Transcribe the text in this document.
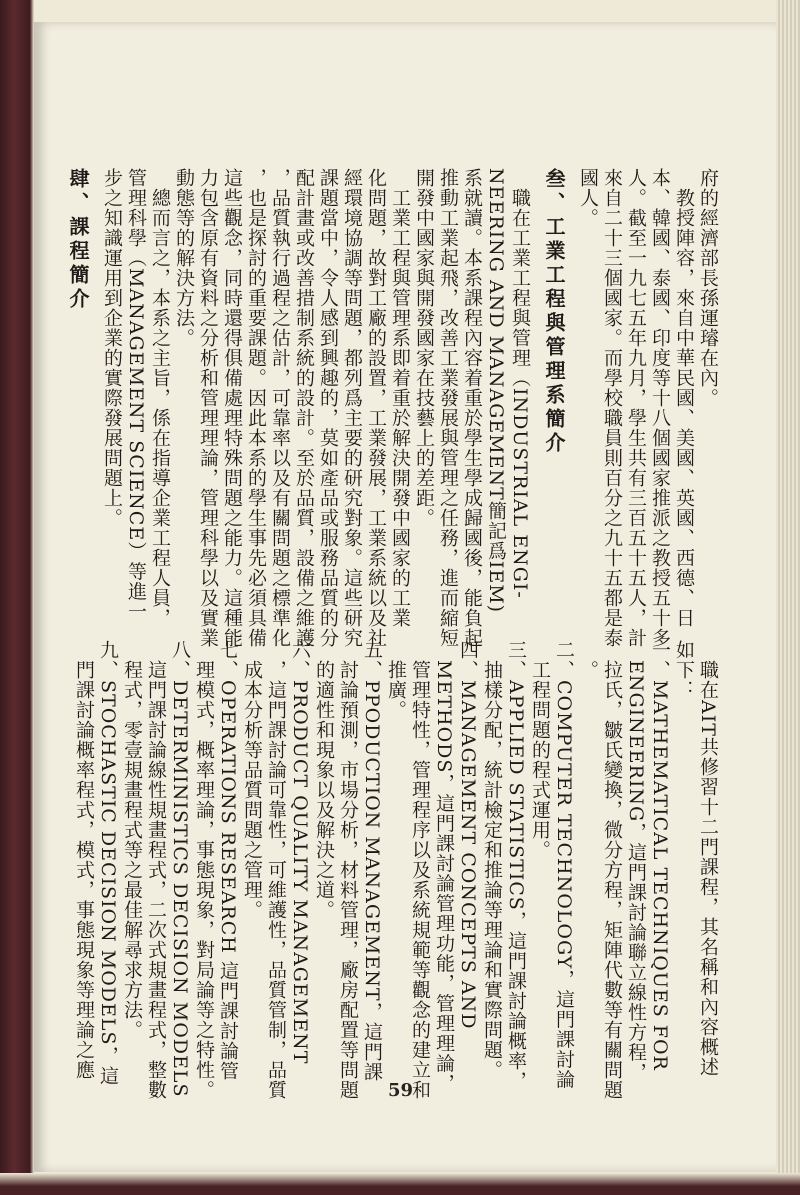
府的經濟部長孫運璿在內。
教授陣容，來自中華民國、美國、英國、西德、日
本、韓國、泰國、印度等十八個國家推派之教授五十多
人。截至一九七五年九月，學生共有三百五十五人，計
來自二十三個國家。而學校職員則百分之九十五都是泰
國人。
叁、工業工程與管理系簡介
職在工業工程與管理（INDUSTRIAL ENGI-
NEERING AND MANAGEMENT簡記爲IEM)
系就讀。本系課程內容着重於學生學成歸國後，能負起
推動工業起飛，改善工業發展與管理之任務，進而縮短
開發中國家與開發國家在技藝上的差距。
工業工程與管理系即着重於解決開發中國家的工業
化問題，故對工廠的設置，工業發展，工業系統以及社
經環境協調等問題，都列爲主要的研究對象。這些研究
課題當中，令人感到興趣的，莫如產品或服務品質的分
配計畫或改善措制系統的設計。至於品質，設備之維護
，品質執行過程之估計，可靠率以及有關問題之標準化
，也是探討的重要課題。因此本系的學生事先必須具備
這些觀念，同時還得俱備處理特殊問題之能力。這種能
力包含原有資料之分析和管理理論，管理科學以及實業
動態等的解決方法。
總而言之，本系之主旨，係在指導企業工程人員，
管理科學（MANAGEMENT SCIENCE）等進一
步之知識運用到企業的實際發展問題上。
肆、課程簡介
職在AIT共修習十二門課程，其名稱和內容概述
如下：
一、MATHEMATICAL TECHNIQUES FOR
ENGINEERING，這門課討論聯立線性方程，
拉氏，皺氏變換，微分方程，矩陣代數等有關問題
。
二、COMPUTER TECHNOLOGY，這門課討論
工程問題的程式運用。
三、APPLIED STATISTICS，這門課討論概率，
抽樣分配，統計檢定和推論等理論和實際問題。
四、MANAGEMENT CONCEPTS AND
METHODS，這門課討論管理功能，管理理論，
管理特性，管理程序以及系統規範等觀念的建立和
推廣。
五、PPODUCTION MANAGEMENT，這門課
討論預測，市場分析，材料管理，廠房配置等問題
的適性和現象以及解決之道。
六、PRODUCT QUALITY MANAGEMENT
，這門課討論可靠性，可維護性，品質管制，品質
成本分析等品質問題之管理。
七、OPERATIONS RESEARCH 這門課討論管
理模式，概率理論，事態現象，對局論等之特性。
八、DETERMINISTICS DECISION MODELS
這門課討論線性規畫程式，二次式規畫程式，整數
程式，零壹規畫程式等之最佳解尋求方法。
九、STOCHASTIC DECISION MODELS，這
門課討論概率程式，模式，事態現象等理論之應
59
